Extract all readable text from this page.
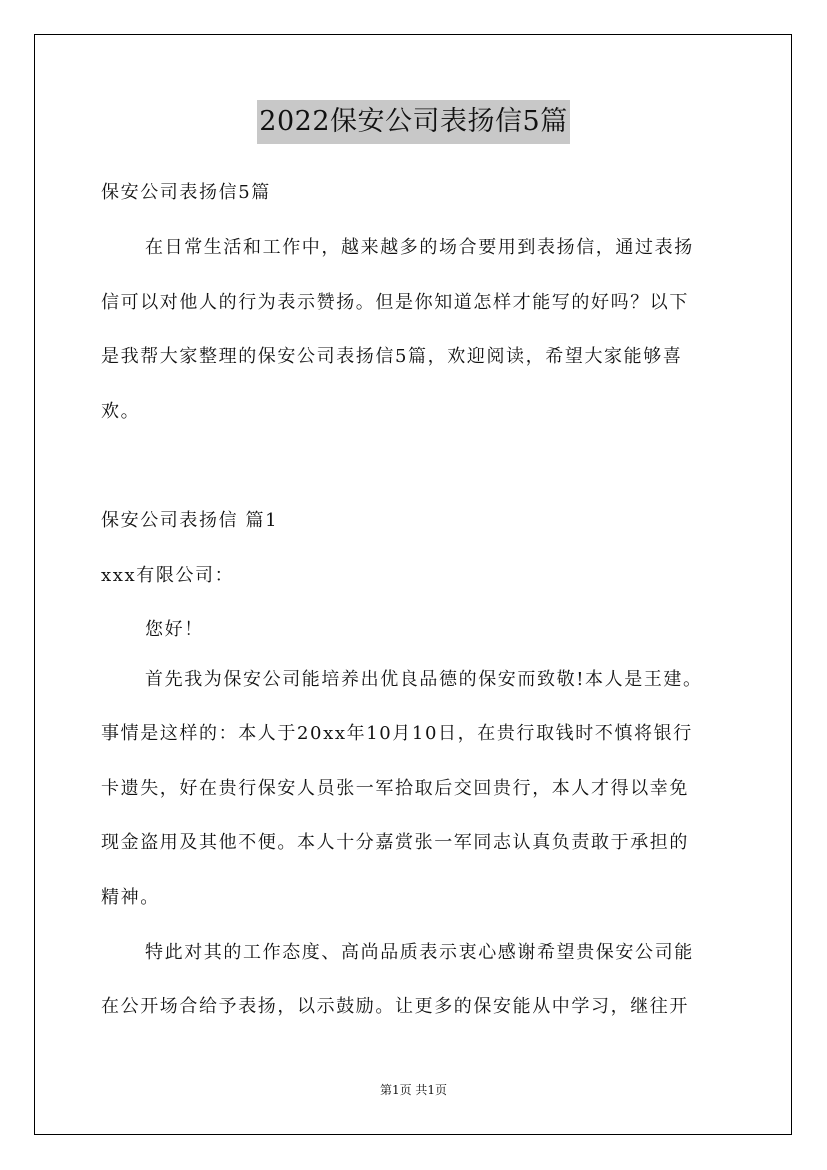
2022保安公司表扬信5篇
保安公司表扬信5篇
在日常生活和工作中，越来越多的场合要用到表扬信，通过表扬
信可以对他人的行为表示赞扬。但是你知道怎样才能写的好吗？以下
是我帮大家整理的保安公司表扬信5篇，欢迎阅读，希望大家能够喜
欢。
保安公司表扬信 篇1
xxx有限公司：
您好！
首先我为保安公司能培养出优良品德的保安而致敬!本人是王建。
事情是这样的：本人于20xx年10月10日，在贵行取钱时不慎将银行
卡遗失，好在贵行保安人员张一军拾取后交回贵行，本人才得以幸免
现金盗用及其他不便。本人十分嘉赏张一军同志认真负责敢于承担的
精神。
特此对其的工作态度、高尚品质表示衷心感谢希望贵保安公司能
在公开场合给予表扬，以示鼓励。让更多的保安能从中学习，继往开
第1页 共1页
